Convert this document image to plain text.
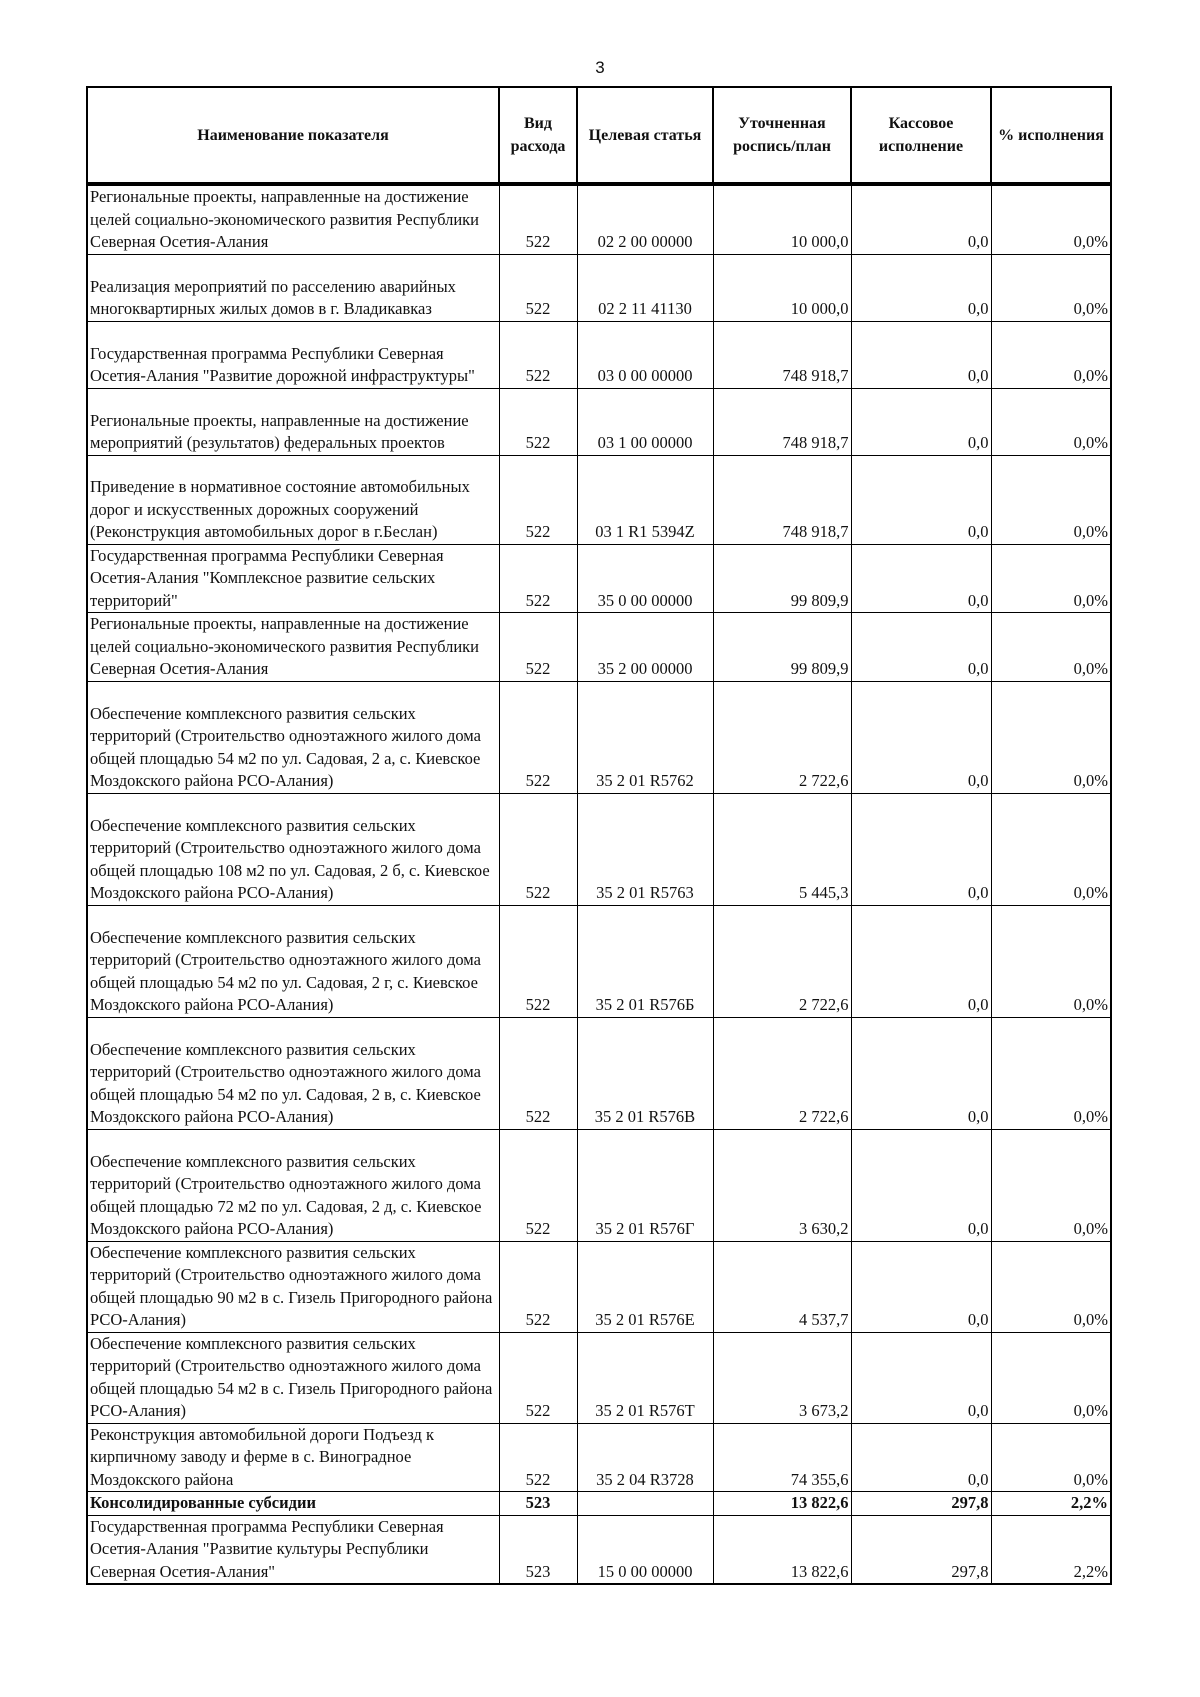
3
Наименование показателя	Вид расхода	Целевая статья	Уточненная роспись/план	Кассовое исполнение	% исполнения
Региональные проекты, направленные на достижение целей социально-экономического развития Республики Северная Осетия-Алания	522	02 2 00 00000	10 000,0	0,0	0,0%
Реализация мероприятий по расселению аварийных многоквартирных жилых домов в г. Владикавказ	522	02 2 11 41130	10 000,0	0,0	0,0%
Государственная программа Республики Северная Осетия-Алания "Развитие дорожной инфраструктуры"	522	03 0 00 00000	748 918,7	0,0	0,0%
Региональные проекты, направленные на достижение мероприятий (результатов) федеральных проектов	522	03 1 00 00000	748 918,7	0,0	0,0%
Приведение в нормативное состояние автомобильных дорог и искусственных дорожных сооружений (Реконструкция автомобильных дорог в г.Беслан)	522	03 1 R1 5394Z	748 918,7	0,0	0,0%
Государственная программа Республики Северная Осетия-Алания "Комплексное развитие сельских территорий"	522	35 0 00 00000	99 809,9	0,0	0,0%
Региональные проекты, направленные на достижение целей социально-экономического развития Республики Северная Осетия-Алания	522	35 2 00 00000	99 809,9	0,0	0,0%
Обеспечение комплексного развития сельских территорий (Строительство одноэтажного жилого дома общей площадью 54 м2 по ул. Садовая, 2 а, с. Киевское Моздокского района РСО-Алания)	522	35 2 01 R5762	2 722,6	0,0	0,0%
Обеспечение комплексного развития сельских территорий (Строительство одноэтажного жилого дома общей площадью 108 м2 по ул. Садовая, 2 б, с. Киевское Моздокского района РСО-Алания)	522	35 2 01 R5763	5 445,3	0,0	0,0%
Обеспечение комплексного развития сельских территорий (Строительство одноэтажного жилого дома общей площадью 54 м2 по ул. Садовая, 2 г, с. Киевское Моздокского района РСО-Алания)	522	35 2 01 R576Б	2 722,6	0,0	0,0%
Обеспечение комплексного развития сельских территорий (Строительство одноэтажного жилого дома общей площадью 54 м2 по ул. Садовая, 2 в, с. Киевское Моздокского района РСО-Алания)	522	35 2 01 R576В	2 722,6	0,0	0,0%
Обеспечение комплексного развития сельских территорий (Строительство одноэтажного жилого дома общей площадью 72 м2 по ул. Садовая, 2 д, с. Киевское Моздокского района РСО-Алания)	522	35 2 01 R576Г	3 630,2	0,0	0,0%
Обеспечение комплексного развития сельских территорий (Строительство одноэтажного жилого дома общей площадью 90 м2 в с. Гизель Пригородного района РСО-Алания)	522	35 2 01 R576Е	4 537,7	0,0	0,0%
Обеспечение комплексного развития сельских территорий (Строительство одноэтажного жилого дома общей площадью 54 м2 в с. Гизель Пригородного района РСО-Алания)	522	35 2 01 R576Т	3 673,2	0,0	0,0%
Реконструкция автомобильной дороги Подъезд к кирпичному заводу и ферме в с. Виноградное Моздокского района	522	35 2 04 R3728	74 355,6	0,0	0,0%
Консолидированные субсидии	523		13 822,6	297,8	2,2%
Государственная программа Республики Северная Осетия-Алания "Развитие культуры Республики Северная Осетия-Алания"	523	15 0 00 00000	13 822,6	297,8	2,2%
